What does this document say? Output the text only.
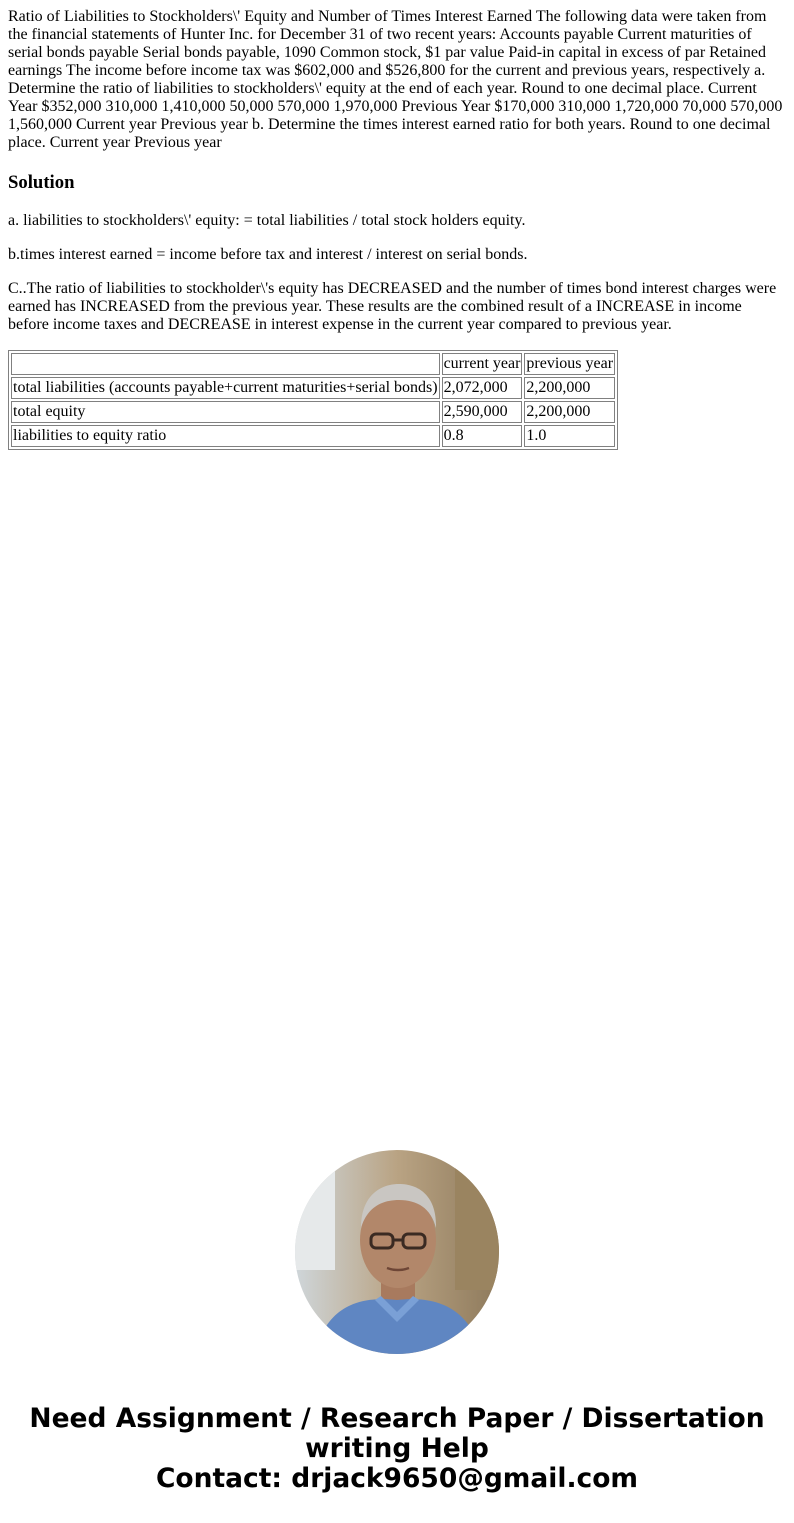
Ratio of Liabilities to Stockholders\' Equity and Number of Times Interest Earned The following data were taken from the financial statements of Hunter Inc. for December 31 of two recent years: Accounts payable Current maturities of serial bonds payable Serial bonds payable, 1090 Common stock, $1 par value Paid-in capital in excess of par Retained earnings The income before income tax was $602,000 and $526,800 for the current and previous years, respectively a. Determine the ratio of liabilities to stockholders\' equity at the end of each year. Round to one decimal place. Current Year $352,000 310,000 1,410,000 50,000 570,000 1,970,000 Previous Year $170,000 310,000 1,720,000 70,000 570,000 1,560,000 Current year Previous year b. Determine the times interest earned ratio for both years. Round to one decimal place. Current year Previous year
Solution

a. liabilities to stockholders\' equity: = total liabilities / total stock holders equity.

b.times interest earned = income before tax and interest / interest on serial bonds.

C..The ratio of liabilities to stockholder\'s equity has DECREASED and the number of times bond interest charges were earned has INCREASED from the previous year. These results are the combined result of a INCREASE in income before income taxes and DECREASE in interest expense in the current year compared to previous year.

	current year	previous year
total liabilities (accounts payable+current maturities+serial bonds)	2,072,000	2,200,000
total equity	2,590,000	2,200,000
liabilities to equity ratio	0.8	1.0
Need Assignment / Research Paper / Dissertation
writing Help
Contact: drjack9650@gmail.com
